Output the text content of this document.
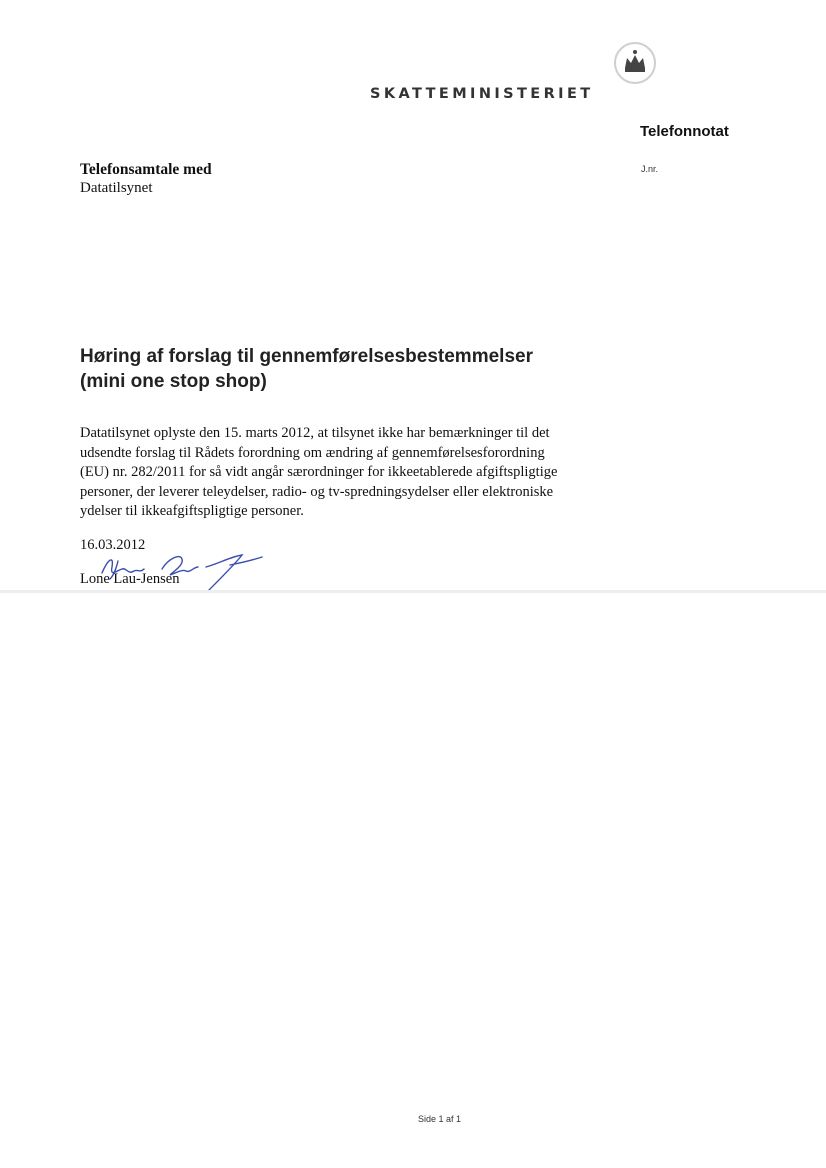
SKATTEMINISTERIET
Telefonnotat
J.nr.
Telefonsamtale med
Datatilsynet
Høring af forslag til gennemførelsesbestemmelser
(mini one stop shop)
Datatilsynet oplyste den 15. marts 2012, at tilsynet ikke har bemærkninger til det
udsendte forslag til Rådets forordning om ændring af gennemførelsesforordning
(EU) nr. 282/2011 for så vidt angår særordninger for ikkeetablerede afgiftspligtige
personer, der leverer teleydelser, radio- og tv-spredningsydelser eller elektroniske
ydelser til ikkeafgiftspligtige personer.
16.03.2012
Lone Lau-Jensen
Side 1 af 1
